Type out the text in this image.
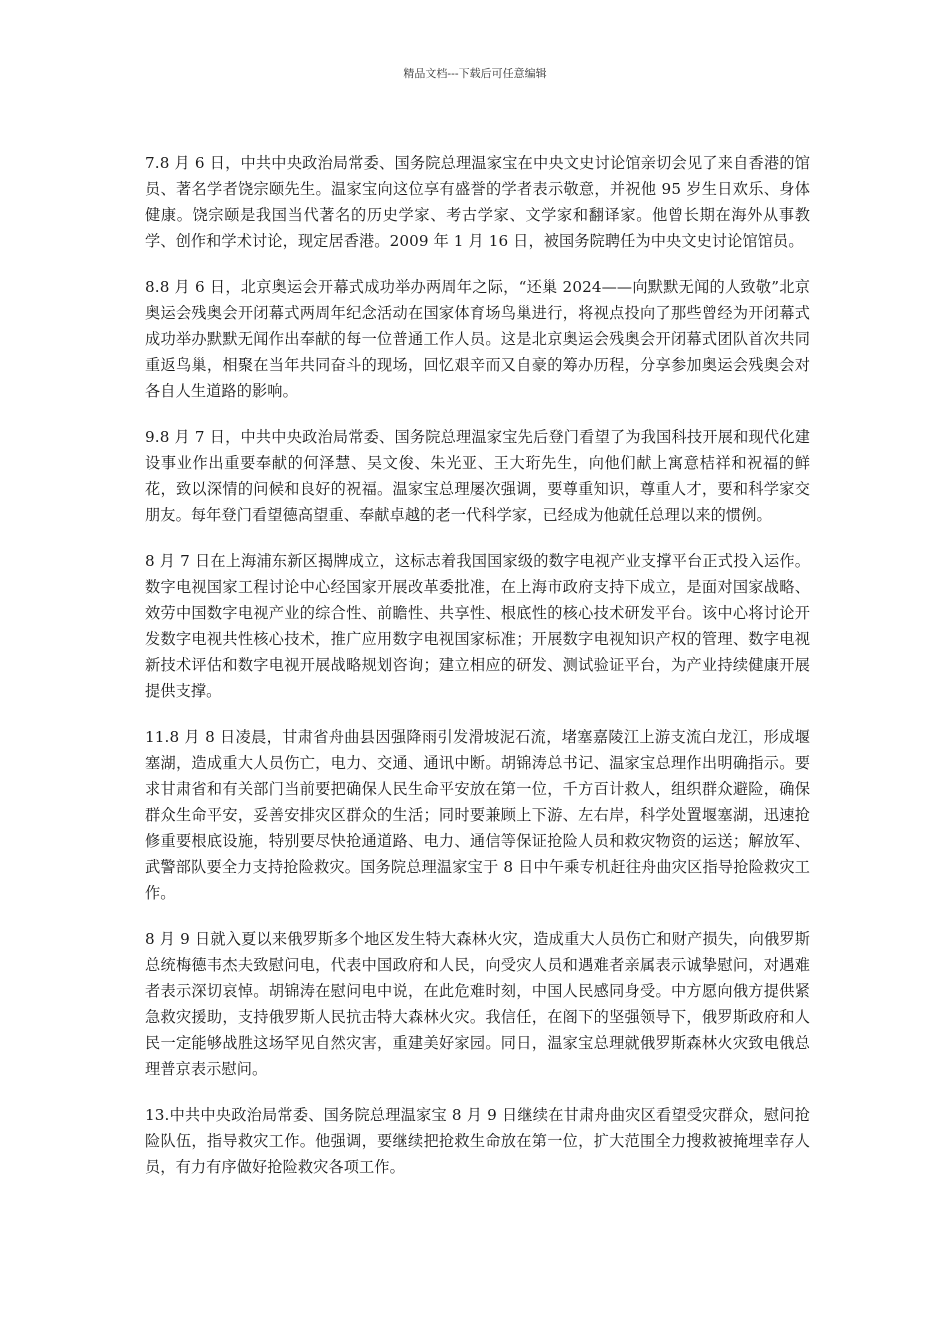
精品文档---下载后可任意编辑

7.8 月 6 日，中共中央政治局常委、国务院总理温家宝在中央文史讨论馆亲切会见了来自香港的馆员、著名学者饶宗颐先生。温家宝向这位享有盛誉的学者表示敬意，并祝他 95 岁生日欢乐、身体健康。饶宗颐是我国当代著名的历史学家、考古学家、文学家和翻译家。他曾长期在海外从事教学、创作和学术讨论，现定居香港。2009 年 1 月 16 日，被国务院聘任为中央文史讨论馆馆员。

8.8 月 6 日，北京奥运会开幕式成功举办两周年之际，“还巢 2024——向默默无闻的人致敬”北京奥运会残奥会开闭幕式两周年纪念活动在国家体育场鸟巢进行，将视点投向了那些曾经为开闭幕式成功举办默默无闻作出奉献的每一位普通工作人员。这是北京奥运会残奥会开闭幕式团队首次共同重返鸟巢，相聚在当年共同奋斗的现场，回忆艰辛而又自豪的筹办历程，分享参加奥运会残奥会对各自人生道路的影响。

9.8 月 7 日，中共中央政治局常委、国务院总理温家宝先后登门看望了为我国科技开展和现代化建设事业作出重要奉献的何泽慧、吴文俊、朱光亚、王大珩先生，向他们献上寓意桔祥和祝福的鲜花，致以深情的问候和良好的祝福。温家宝总理屡次强调，要尊重知识，尊重人才，要和科学家交朋友。每年登门看望德高望重、奉献卓越的老一代科学家，已经成为他就任总理以来的惯例。

8 月 7 日在上海浦东新区揭牌成立，这标志着我国国家级的数字电视产业支撑平台正式投入运作。数字电视国家工程讨论中心经国家开展改革委批准，在上海市政府支持下成立，是面对国家战略、效劳中国数字电视产业的综合性、前瞻性、共享性、根底性的核心技术研发平台。该中心将讨论开发数字电视共性核心技术，推广应用数字电视国家标准；开展数字电视知识产权的管理、数字电视新技术评估和数字电视开展战略规划咨询；建立相应的研发、测试验证平台，为产业持续健康开展提供支撑。

11.8 月 8 日凌晨，甘肃省舟曲县因强降雨引发滑坡泥石流，堵塞嘉陵江上游支流白龙江，形成堰塞湖，造成重大人员伤亡，电力、交通、通讯中断。胡锦涛总书记、温家宝总理作出明确指示。要求甘肃省和有关部门当前要把确保人民生命平安放在第一位，千方百计救人，组织群众避险，确保群众生命平安，妥善安排灾区群众的生活；同时要兼顾上下游、左右岸，科学处置堰塞湖，迅速抢修重要根底设施，特别要尽快抢通道路、电力、通信等保证抢险人员和救灾物资的运送；解放军、武警部队要全力支持抢险救灾。国务院总理温家宝于 8 日中午乘专机赶往舟曲灾区指导抢险救灾工作。

8 月 9 日就入夏以来俄罗斯多个地区发生特大森林火灾，造成重大人员伤亡和财产损失，向俄罗斯总统梅德韦杰夫致慰问电，代表中国政府和人民，向受灾人员和遇难者亲属表示诚挚慰问，对遇难者表示深切哀悼。胡锦涛在慰问电中说，在此危难时刻，中国人民感同身受。中方愿向俄方提供紧急救灾援助，支持俄罗斯人民抗击特大森林火灾。我信任，在阁下的坚强领导下，俄罗斯政府和人民一定能够战胜这场罕见自然灾害，重建美好家园。同日，温家宝总理就俄罗斯森林火灾致电俄总理普京表示慰问。

13.中共中央政治局常委、国务院总理温家宝 8 月 9 日继续在甘肃舟曲灾区看望受灾群众，慰问抢险队伍，指导救灾工作。他强调，要继续把抢救生命放在第一位，扩大范围全力搜救被掩埋幸存人员，有力有序做好抢险救灾各项工作。
